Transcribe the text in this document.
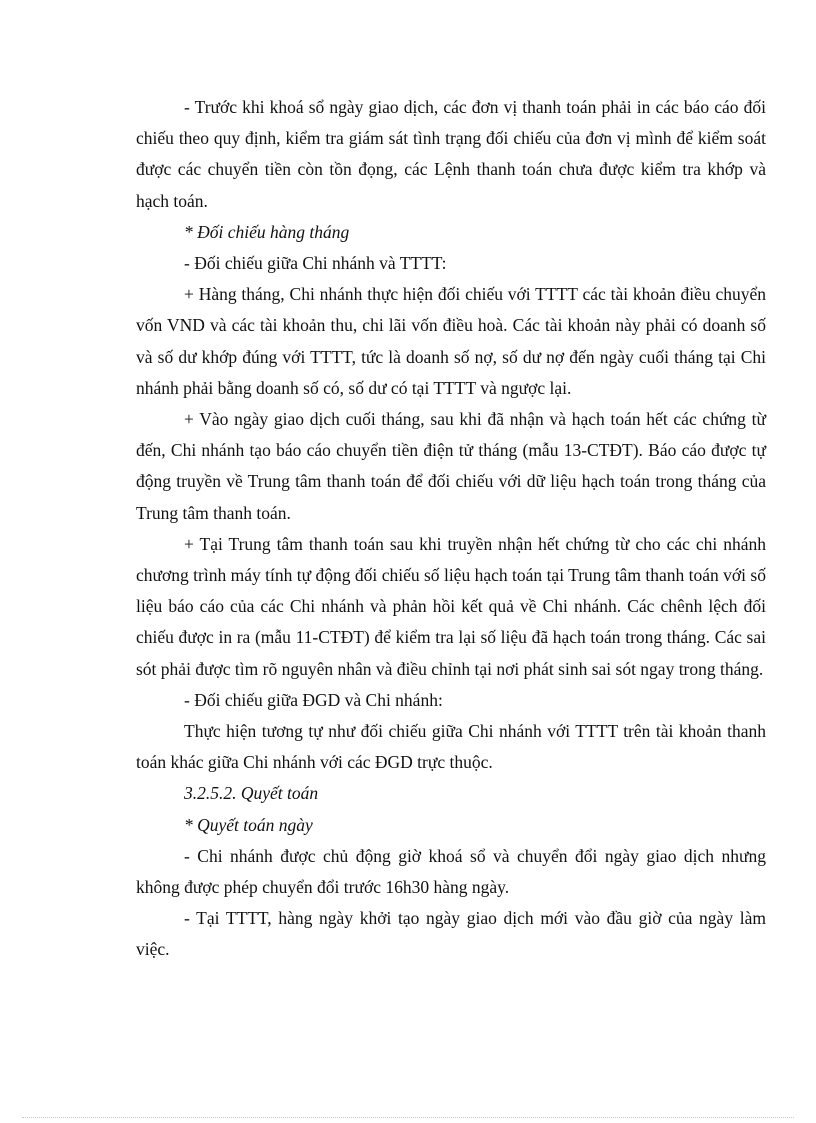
- Trước khi khoá sổ ngày giao dịch, các đơn vị thanh toán phải in các báo cáo đối chiếu theo quy định, kiểm tra giám sát tình trạng đối chiếu của đơn vị mình để kiểm soát được các chuyển tiền còn tồn đọng, các Lệnh thanh toán chưa được kiểm tra khớp và hạch toán.

* Đối chiếu hàng tháng

- Đối chiếu giữa Chi nhánh và TTTT:

+ Hàng tháng, Chi nhánh thực hiện đối chiếu với TTTT các tài khoản điều chuyển vốn VND và các tài khoản thu, chi lãi vốn điều hoà. Các tài khoản này phải có doanh số và số dư khớp đúng với TTTT, tức là doanh số nợ, số dư nợ đến ngày cuối tháng tại Chi nhánh phải bằng doanh số có, số dư có tại TTTT và ngược lại.

+ Vào ngày giao dịch cuối tháng, sau khi đã nhận và hạch toán hết các chứng từ đến, Chi nhánh tạo báo cáo chuyển tiền điện tử tháng (mẫu 13-CTĐT). Báo cáo được tự động truyền về Trung tâm thanh toán để đối chiếu với dữ liệu hạch toán trong tháng của Trung tâm thanh toán.

+ Tại Trung tâm thanh toán sau khi truyền nhận hết chứng từ cho các chi nhánh chương trình máy tính tự động đối chiếu số liệu hạch toán tại Trung tâm thanh toán với số liệu báo cáo của các Chi nhánh và phản hồi kết quả về Chi nhánh. Các chênh lệch đối chiếu được in ra (mẫu 11-CTĐT) để kiểm tra lại số liệu đã hạch toán trong tháng. Các sai sót phải được tìm rõ nguyên nhân và điều chỉnh tại nơi phát sinh sai sót ngay trong tháng.

- Đối chiếu giữa ĐGD và Chi nhánh:

Thực hiện tương tự như đối chiếu giữa Chi nhánh với TTTT trên tài khoản thanh toán khác giữa Chi nhánh với các ĐGD trực thuộc.

3.2.5.2. Quyết toán

* Quyết toán ngày

- Chi nhánh được chủ động giờ khoá sổ và chuyển đổi ngày giao dịch nhưng không được phép chuyển đổi trước 16h30 hàng ngày.

- Tại TTTT, hàng ngày khởi tạo ngày giao dịch mới vào đầu giờ của ngày làm việc.
